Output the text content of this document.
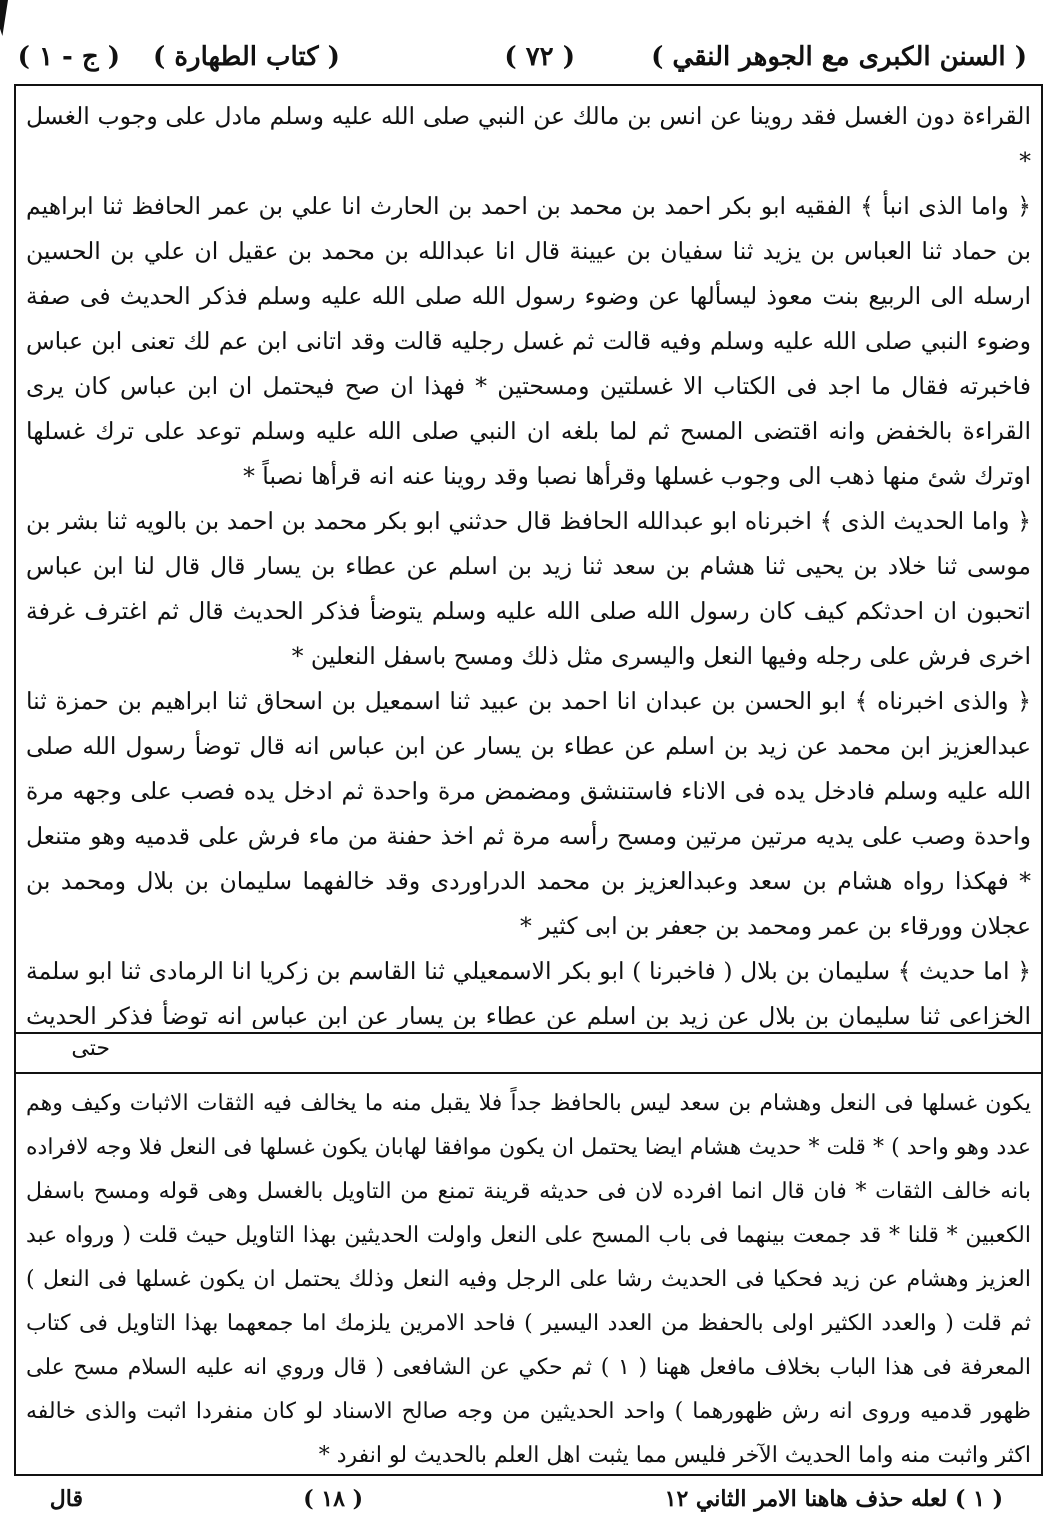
( السنن الكبرى مع الجوهر النقي )
( ٧٢ )
( كتاب الطهارة )
( ج - ١ )

القراءة دون الغسل فقد روينا عن انس بن مالك عن النبي صلى الله عليه وسلم مادل على وجوب الغسل *

﴿ واما الذى انبأ ﴾ الفقيه ابو بكر احمد بن محمد بن احمد بن الحارث انا علي بن عمر الحافظ ثنا ابراهيم بن حماد ثنا العباس بن يزيد ثنا سفيان بن عيينة قال انا عبدالله بن محمد بن عقيل ان علي بن الحسين ارسله الى الربيع بنت معوذ ليسألها عن وضوء رسول الله صلى الله عليه وسلم فذكر الحديث فى صفة وضوء النبي صلى الله عليه وسلم وفيه قالت ثم غسل رجليه قالت وقد اتانى ابن عم لك تعنى ابن عباس فاخبرته فقال ما اجد فى الكتاب الا غسلتين ومسحتين * فهذا ان صح فيحتمل ان ابن عباس كان يرى القراءة بالخفض وانه اقتضى المسح ثم لما بلغه ان النبي صلى الله عليه وسلم توعد على ترك غسلها اوترك شئ منها ذهب الى وجوب غسلها وقرأها نصبا وقد روينا عنه انه قرأها نصباً *

﴿ واما الحديث الذى ﴾ اخبرناه ابو عبدالله الحافظ قال حدثني ابو بكر محمد بن احمد بن بالويه ثنا بشر بن موسى ثنا خلاد بن يحيى ثنا هشام بن سعد ثنا زيد بن اسلم عن عطاء بن يسار قال قال لنا ابن عباس اتحبون ان احدثكم كيف كان رسول الله صلى الله عليه وسلم يتوضأ فذكر الحديث قال ثم اغترف غرفة اخرى فرش على رجله وفيها النعل واليسرى مثل ذلك ومسح باسفل النعلين *

﴿ والذى اخبرناه ﴾ ابو الحسن بن عبدان انا احمد بن عبيد ثنا اسمعيل بن اسحاق ثنا ابراهيم بن حمزة ثنا عبدالعزيز ابن محمد عن زيد بن اسلم عن عطاء بن يسار عن ابن عباس انه قال توضأ رسول الله صلى الله عليه وسلم فادخل يده فى الاناء فاستنشق ومضمض مرة واحدة ثم ادخل يده فصب على وجهه مرة واحدة وصب على يديه مرتين مرتين ومسح رأسه مرة ثم اخذ حفنة من ماء فرش على قدميه وهو متنعل * فهكذا رواه هشام بن سعد وعبدالعزيز بن محمد الدراوردى وقد خالفهما سليمان بن بلال ومحمد بن عجلان وورقاء بن عمر ومحمد بن جعفر بن ابى كثير *

﴿ اما حديث ﴾ سليمان بن بلال ( فاخبرنا ) ابو بكر الاسمعيلي ثنا القاسم بن زكريا انا الرمادى ثنا ابو سلمة الخزاعى ثنا سليمان بن بلال عن زيد بن اسلم عن عطاء بن يسار عن ابن عباس انه توضأ فذكر الحديث

حتى

يكون غسلها فى النعل وهشام بن سعد ليس بالحافظ جداً فلا يقبل منه ما يخالف فيه الثقات الاثبات وكيف وهم عدد وهو واحد ) * قلت * حديث هشام ايضا يحتمل ان يكون موافقا لهابان يكون غسلها فى النعل فلا وجه لافراده بانه خالف الثقات * فان قال انما افرده لان فى حديثه قرينة تمنع من التاويل بالغسل وهى قوله ومسح باسفل الكعبين * قلنا * قد جمعت بينهما فى باب المسح على النعل واولت الحديثين بهذا التاويل حيث قلت ( ورواه عبد العزيز وهشام عن زيد فحكيا فى الحديث رشا على الرجل وفيه النعل وذلك يحتمل ان يكون غسلها فى النعل ) ثم قلت ( والعدد الكثير اولى بالحفظ من العدد اليسير ) فاحد الامرين يلزمك اما جمعهما بهذا التاويل فى كتاب المعرفة فى هذا الباب بخلاف مافعل ههنا ( ١ ) ثم حكي عن الشافعى ( قال وروي انه عليه السلام مسح على ظهور قدميه وروى انه رش ظهورهما ) واحد الحديثين من وجه صالح الاسناد لو كان منفردا اثبت والذى خالفه اكثر واثبت منه واما الحديث الآخر فليس مما يثبت اهل العلم بالحديث لو انفرد *

( ١ ) لعله حذف هاهنا الامر الثاني ١٢
( ١٨ )
قال
